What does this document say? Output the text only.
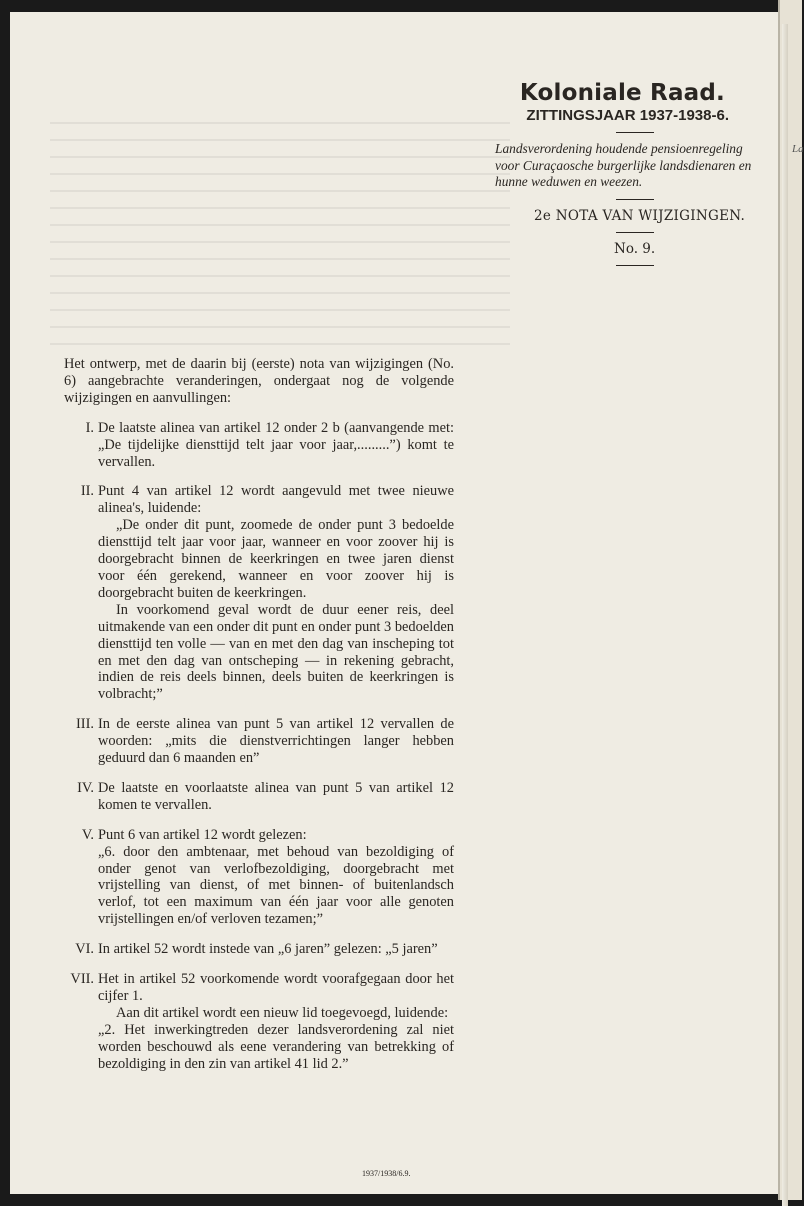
La
Koloniale Raad.
ZITTINGSJAAR 1937-1938-6.
Landsverordening houdende pensioenregeling voor Curaçaosche burgerlijke landsdienaren en hunne weduwen en weezen.
2e NOTA VAN WIJZIGINGEN.
No. 9.

Het ontwerp, met de daarin bij (eerste) nota van wijzigingen (No. 6) aangebrachte veranderingen, ondergaat nog de volgende wijzigingen en aanvullingen:

I. De laatste alinea van artikel 12 onder 2 b (aanvangende met: „De tijdelijke diensttijd telt jaar voor jaar,.........”) komt te vervallen.

II. Punt 4 van artikel 12 wordt aangevuld met twee nieuwe alinea's, luidende:

„De onder dit punt, zoomede de onder punt 3 bedoelde diensttijd telt jaar voor jaar, wanneer en voor zoover hij is doorgebracht binnen de keerkringen en twee jaren dienst voor één gerekend, wanneer en voor zoover hij is doorgebracht buiten de keerkringen.

In voorkomend geval wordt de duur eener reis, deel uitmakende van een onder dit punt en onder punt 3 bedoelden diensttijd ten volle — van en met den dag van inscheping tot en met den dag van ontscheping — in rekening gebracht, indien de reis deels binnen, deels buiten de keerkringen is volbracht;”

III. In de eerste alinea van punt 5 van artikel 12 vervallen de woorden: „mits die dienstverrichtingen langer hebben geduurd dan 6 maanden en”

IV. De laatste en voorlaatste alinea van punt 5 van artikel 12 komen te vervallen.

V. Punt 6 van artikel 12 wordt gelezen:

„6. door den ambtenaar, met behoud van bezoldiging of onder genot van verlofbezoldiging, doorgebracht met vrijstelling van dienst, of met binnen- of buitenlandsch verlof, tot een maximum van één jaar voor alle genoten vrijstellingen en/of verloven tezamen;”

VI. In artikel 52 wordt instede van „6 jaren” gelezen: „5 jaren”

VII. Het in artikel 52 voorkomende wordt voorafgegaan door het cijfer 1.

Aan dit artikel wordt een nieuw lid toegevoegd, luidende:

„2. Het inwerkingtreden dezer landsverordening zal niet worden beschouwd als eene verandering van betrekking of bezoldiging in den zin van artikel 41 lid 2.”

1937/1938/6.9.
